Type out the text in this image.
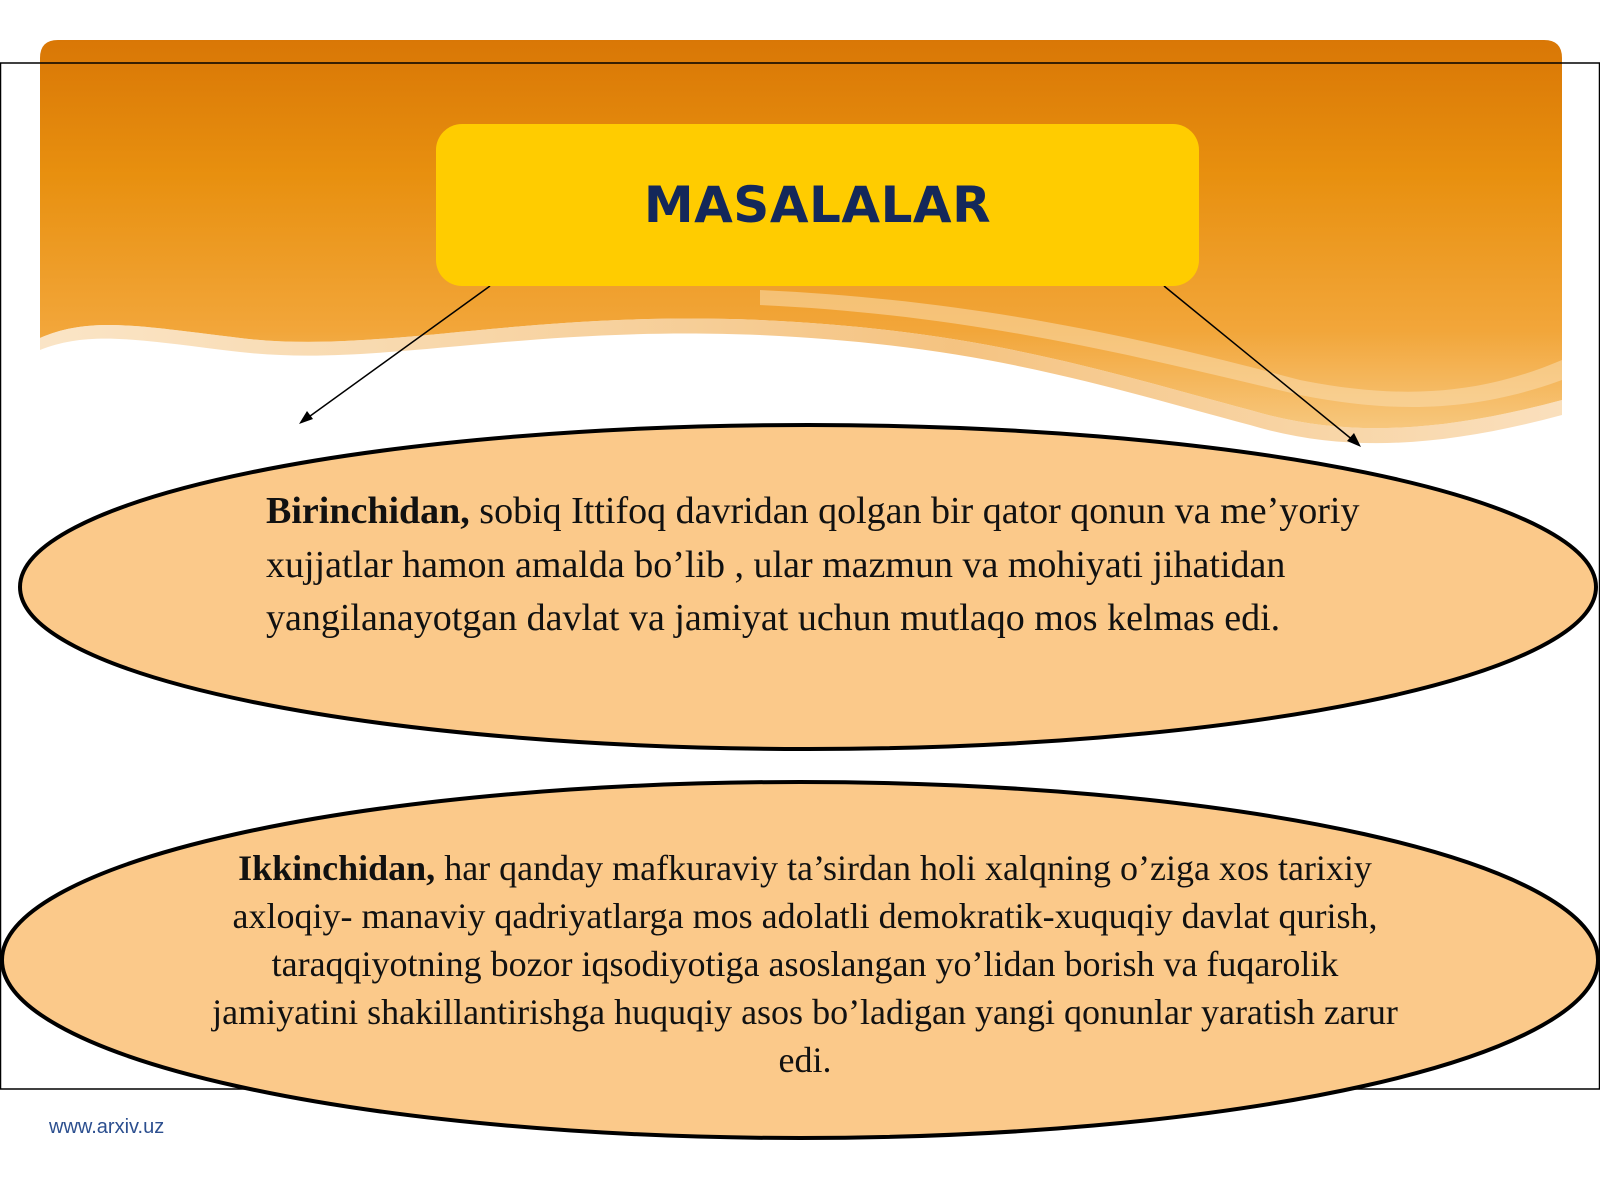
MASALALAR
Birinchidan, sobiq Ittifoq davridan qolgan bir qator qonun va me’yoriy xujjatlar hamon amalda bo’lib , ular mazmun va mohiyati jihatidan yangilanayotgan davlat va jamiyat uchun mutlaqo mos kelmas edi.
Ikkinchidan, har qanday mafkuraviy ta’sirdan holi xalqning o’ziga xos tarixiy axloqiy- manaviy qadriyatlarga mos adolatli demokratik-xuquqiy davlat qurish, taraqqiyotning bozor iqsodiyotiga asoslangan yo’lidan borish va fuqarolik jamiyatini shakillantirishga huquqiy asos bo’ladigan yangi qonunlar yaratish zarur edi.
www.arxiv.uz
